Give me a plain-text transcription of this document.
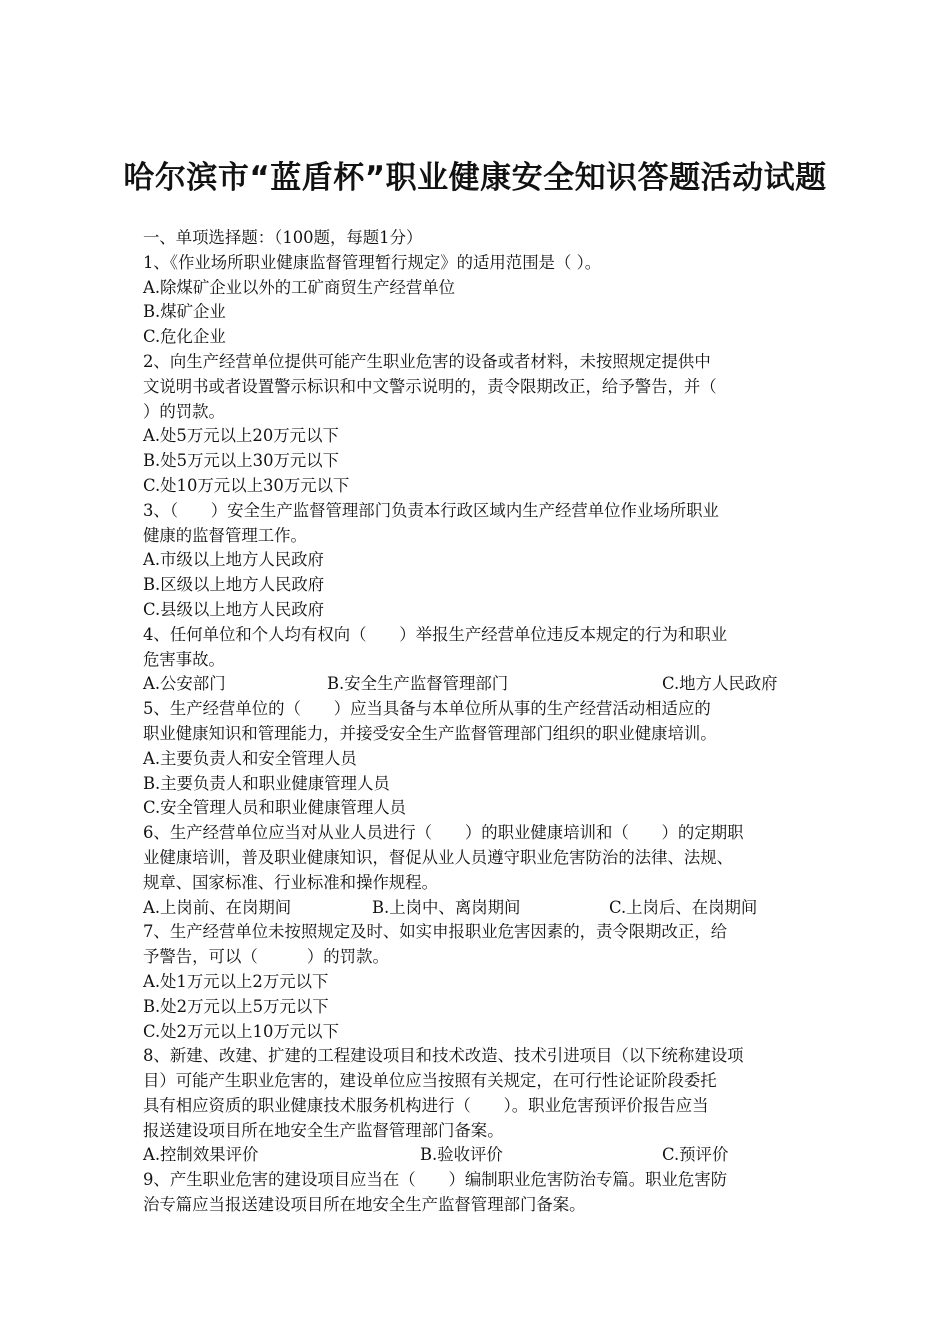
哈尔滨市“蓝盾杯”职业健康安全知识答题活动试题
一、单项选择题：（100题，每题1分）
1、《作业场所职业健康监督管理暂行规定》的适用范围是（ ）。
A.除煤矿企业以外的工矿商贸生产经营单位
B.煤矿企业
C.危化企业
2、向生产经营单位提供可能产生职业危害的设备或者材料，未按照规定提供中
文说明书或者设置警示标识和中文警示说明的，责令限期改正，给予警告，并（
）的罚款。
A.处5万元以上20万元以下
B.处5万元以上30万元以下
C.处10万元以上30万元以下
3、（　　）安全生产监督管理部门负责本行政区域内生产经营单位作业场所职业
健康的监督管理工作。
A.市级以上地方人民政府
B.区级以上地方人民政府
C.县级以上地方人民政府
4、任何单位和个人均有权向（　　）举报生产经营单位违反本规定的行为和职业
危害事故。
A.公安部门	B.安全生产监督管理部门	C.地方人民政府
5、生产经营单位的（　　）应当具备与本单位所从事的生产经营活动相适应的
职业健康知识和管理能力，并接受安全生产监督管理部门组织的职业健康培训。
A.主要负责人和安全管理人员
B.主要负责人和职业健康管理人员
C.安全管理人员和职业健康管理人员
6、生产经营单位应当对从业人员进行（　　）的职业健康培训和（　　）的定期职
业健康培训，普及职业健康知识，督促从业人员遵守职业危害防治的法律、法规、
规章、国家标准、行业标准和操作规程。
A.上岗前、在岗期间	B.上岗中、离岗期间	C.上岗后、在岗期间
7、生产经营单位未按照规定及时、如实申报职业危害因素的，责令限期改正，给
予警告，可以（　　　）的罚款。
A.处1万元以上2万元以下
B.处2万元以上5万元以下
C.处2万元以上10万元以下
8、新建、改建、扩建的工程建设项目和技术改造、技术引进项目（以下统称建设项
目）可能产生职业危害的，建设单位应当按照有关规定，在可行性论证阶段委托
具有相应资质的职业健康技术服务机构进行（　　）。职业危害预评价报告应当
报送建设项目所在地安全生产监督管理部门备案。
A.控制效果评价	B.验收评价	C.预评价
9、产生职业危害的建设项目应当在（　　）编制职业危害防治专篇。职业危害防
治专篇应当报送建设项目所在地安全生产监督管理部门备案。
